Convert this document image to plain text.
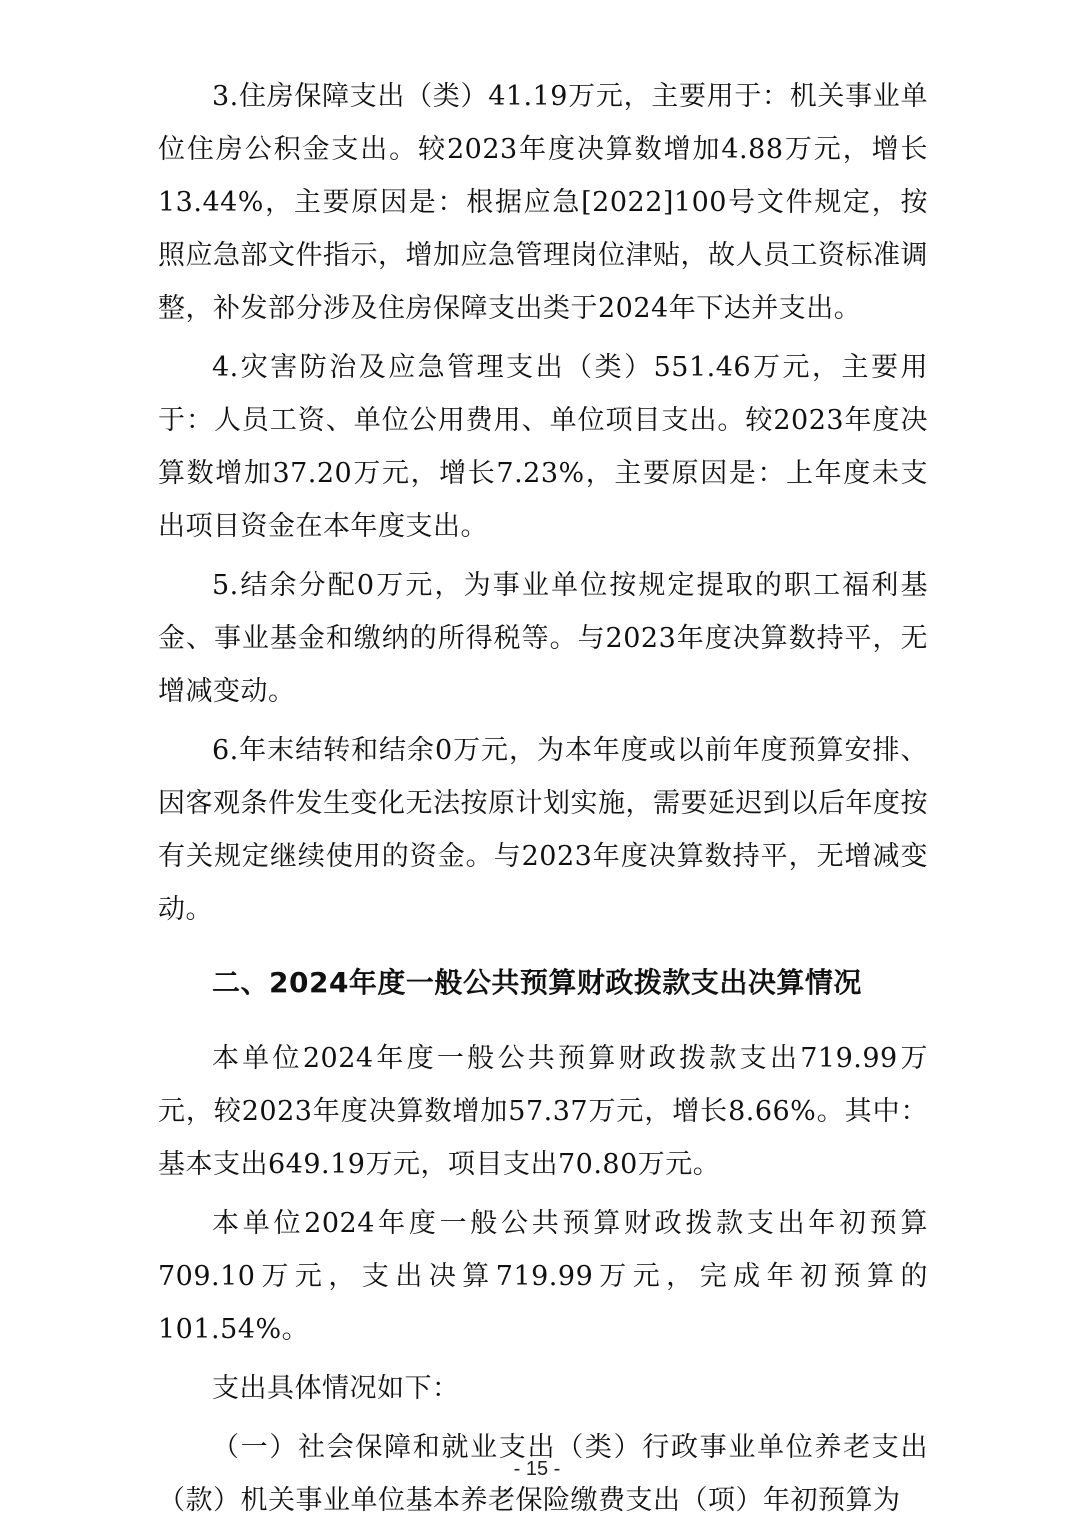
3.住房保障支出（类）41.19万元，主要用于：机关事业单位住房公积金支出。较2023年度决算数增加4.88万元，增长13.44%，主要原因是：根据应急[2022]100号文件规定，按照应急部文件指示，增加应急管理岗位津贴，故人员工资标准调整，补发部分涉及住房保障支出类于2024年下达并支出。

4.灾害防治及应急管理支出（类）551.46万元，主要用于：人员工资、单位公用费用、单位项目支出。较2023年度决算数增加37.20万元，增长7.23%，主要原因是：上年度未支出项目资金在本年度支出。

5.结余分配0万元，为事业单位按规定提取的职工福利基金、事业基金和缴纳的所得税等。与2023年度决算数持平，无增减变动。

6.年末结转和结余0万元，为本年度或以前年度预算安排、因客观条件发生变化无法按原计划实施，需要延迟到以后年度按有关规定继续使用的资金。与2023年度决算数持平，无增减变动。

二、2024年度一般公共预算财政拨款支出决算情况

本单位2024年度一般公共预算财政拨款支出719.99万元，较2023年度决算数增加57.37万元，增长8.66%。其中：基本支出649.19万元，项目支出70.80万元。

本单位2024年度一般公共预算财政拨款支出年初预算709.10万元，支出决算719.99万元，完成年初预算的101.54%。

支出具体情况如下：

（一）社会保障和就业支出（类）行政事业单位养老支出（款）机关事业单位基本养老保险缴费支出（项）年初预算为

- 15 -
